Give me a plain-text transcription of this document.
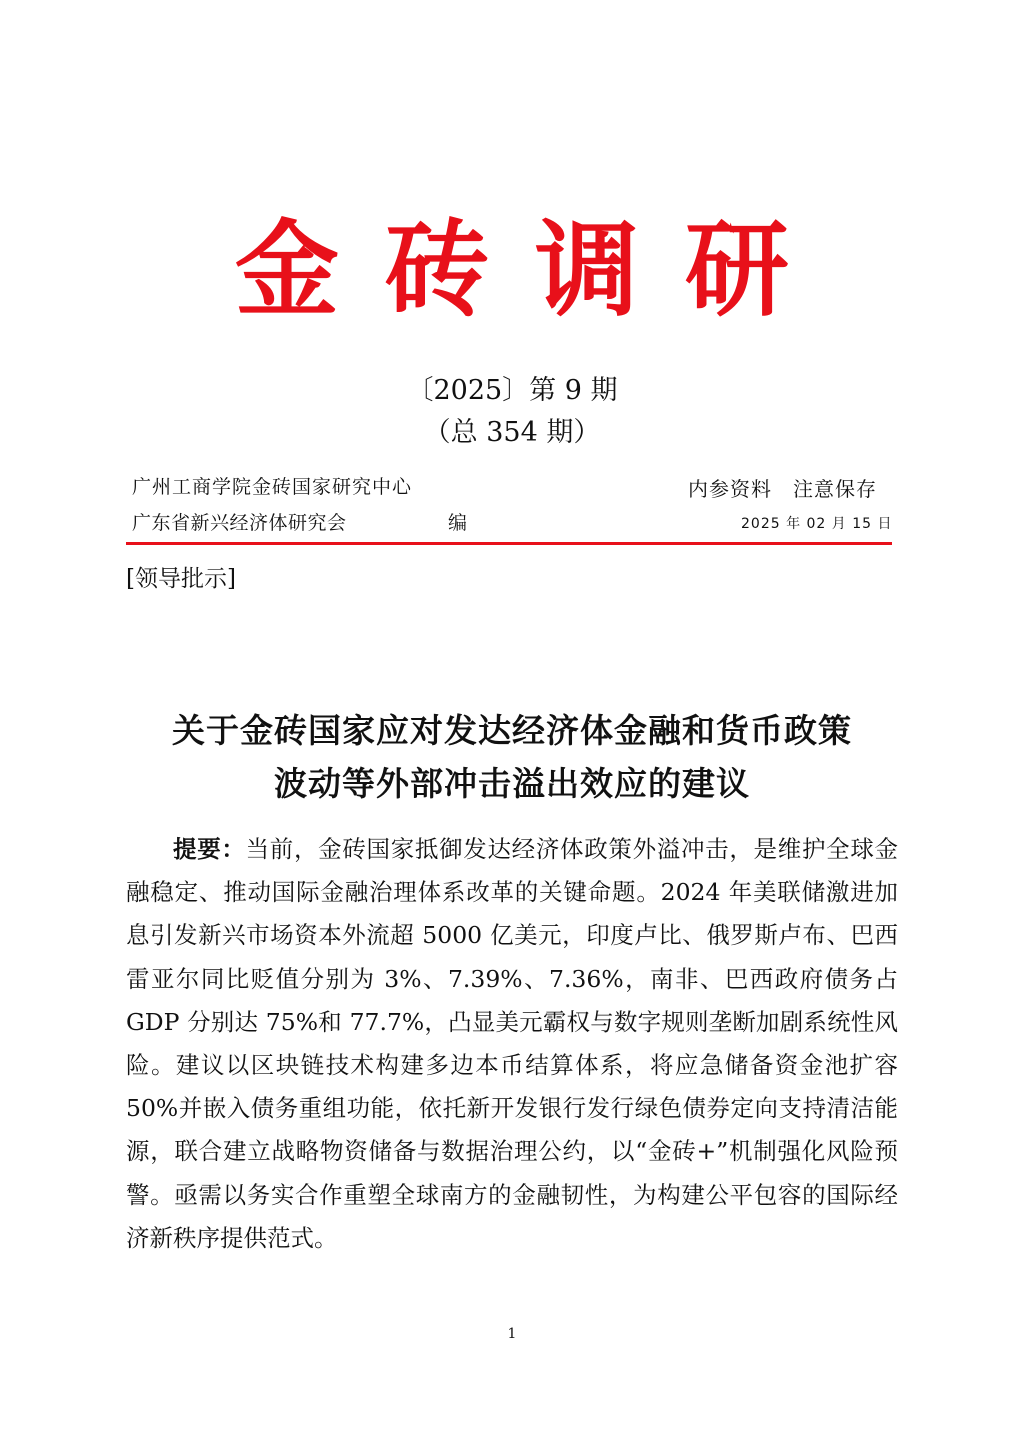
金砖调研
〔2025〕第 9 期
（总 354 期）
广州工商学院金砖国家研究中心
广东省新兴经济体研究会	编
内参资料　注意保存
2025 年 02 月 15 日
[领导批示]
关于金砖国家应对发达经济体金融和货币政策
波动等外部冲击溢出效应的建议
提要：当前，金砖国家抵御发达经济体政策外溢冲击，是维护全球金融稳定、推动国际金融治理体系改革的关键命题。2024 年美联储激进加息引发新兴市场资本外流超 5000 亿美元，印度卢比、俄罗斯卢布、巴西雷亚尔同比贬值分别为 3%、7.39%、7.36%，南非、巴西政府债务占 GDP 分别达 75%和 77.7%，凸显美元霸权与数字规则垄断加剧系统性风险。建议以区块链技术构建多边本币结算体系，将应急储备资金池扩容 50%并嵌入债务重组功能，依托新开发银行发行绿色债券定向支持清洁能源，联合建立战略物资储备与数据治理公约，以“金砖+”机制强化风险预警。亟需以务实合作重塑全球南方的金融韧性，为构建公平包容的国际经济新秩序提供范式。
1
